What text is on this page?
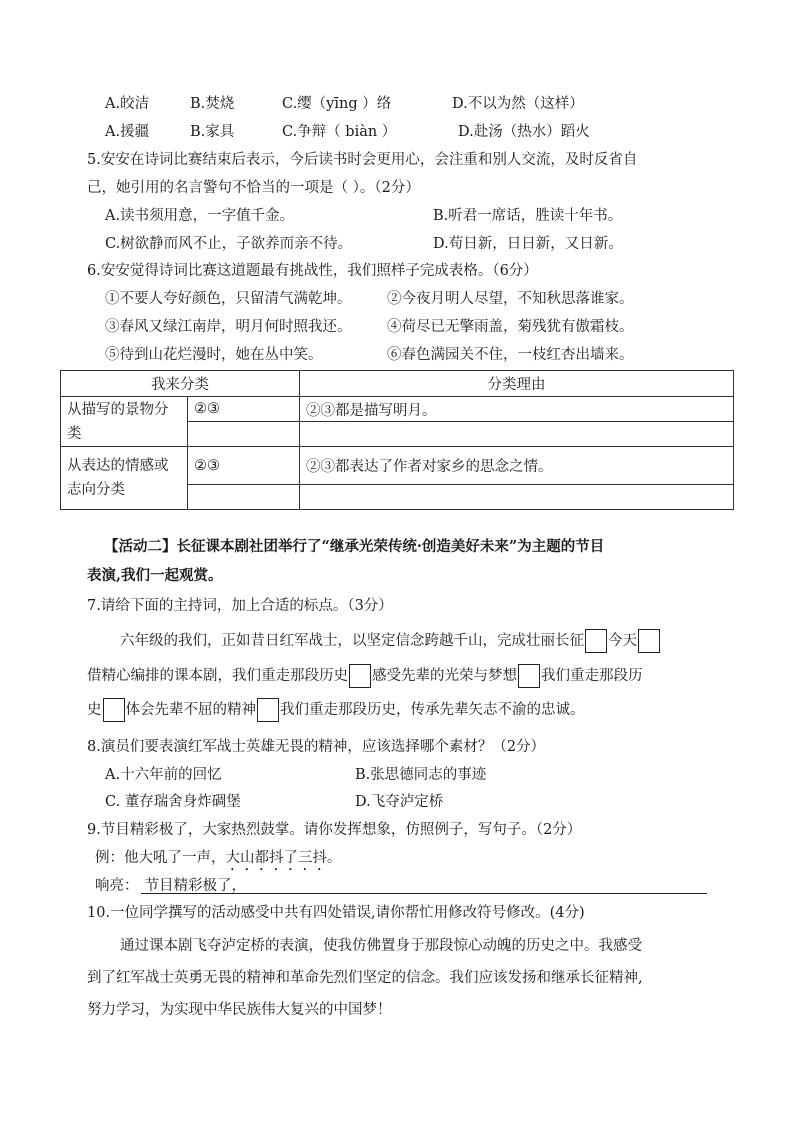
A.皎洁	B.焚烧	C.缨（yīng ）络	D.不以为然（这样）
A.援疆	B.家具	C.争辩（ biàn ）	D.赴汤（热水）蹈火
5.安安在诗词比赛结束后表示，今后读书时会更用心，会注重和别人交流，及时反省自
己，她引用的名言警句不恰当的一项是（ ）。（2分）
A.读书须用意，一字值千金。	B.听君一席话，胜读十年书。
C.树欲静而风不止，子欲养而亲不待。	D.苟日新，日日新，又日新。
6.安安觉得诗词比赛这道题最有挑战性，我们照样子完成表格。（6分）
①不要人夸好颜色，只留清气满乾坤。 ②今夜月明人尽望，不知秋思落谁家。
③春风又绿江南岸，明月何时照我还。 ④荷尽已无擎雨盖，菊残犹有傲霜枝。
⑤待到山花烂漫时，她在丛中笑。	⑥春色满园关不住，一枝红杏出墙来。
我来分类		分类理由
从描写的景物分类	②③	②③都是描写明月。

从表达的情感或志向分类	②③	②③都表达了作者对家乡的思念之情。

【活动二】长征课本剧社团举行了“继承光荣传统·创造美好未来”为主题的节目
表演,我们一起观赏。
7.请给下面的主持词，加上合适的标点。（3分）
六年级的我们，正如昔日红军战士，以坚定信念跨越千山，完成壮丽长征 今天
借精心编排的课本剧，我们重走那段历史 感受先辈的光荣与梦想 我们重走那段历
史 体会先辈不屈的精神 我们重走那段历史，传承先辈矢志不渝的忠诚。
8.演员们要表演红军战士英雄无畏的精神，应该选择哪个素材？（2分）
A.十六年前的回忆	B.张思德同志的事迹
C. 董存瑞舍身炸碉堡	D.飞夺泸定桥
9.节目精彩极了，大家热烈鼓掌。请你发挥想象，仿照例子，写句子。（2分）
例：他大吼了一声，大山都抖了三抖。
响亮： 节目精彩极了，
10.一位同学撰写的活动感受中共有四处错误,请你帮忙用修改符号修改。(4分)
通过课本剧飞夺泸定桥的表演，使我仿佛置身于那段惊心动魄的历史之中。我感受
到了红军战士英勇无畏的精神和革命先烈们坚定的信念。我们应该发扬和继承长征精神,
努力学习，为实现中华民族伟大复兴的中国梦！
